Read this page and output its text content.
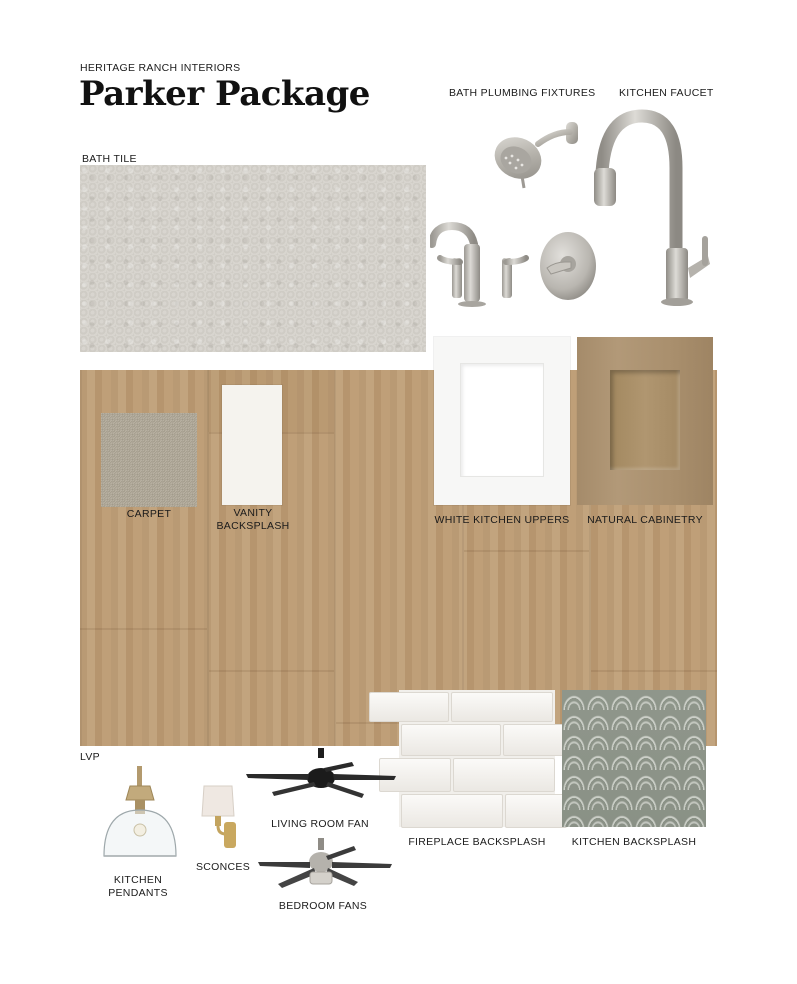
HERITAGE RANCH INTERIORS
Parker Package	BATH PLUMBING FIXTURES KITCHEN FAUCET
BATH TILE
LVP
CARPET	VANITY
BACKSPLASH	WHITE KITCHEN UPPERS	NATURAL CABINETRY
FIREPLACE BACKSPLASH	KITCHEN BACKSPLASH
KITCHEN
PENDANTS
SCONCES
LIVING ROOM FAN
BEDROOM FANS
